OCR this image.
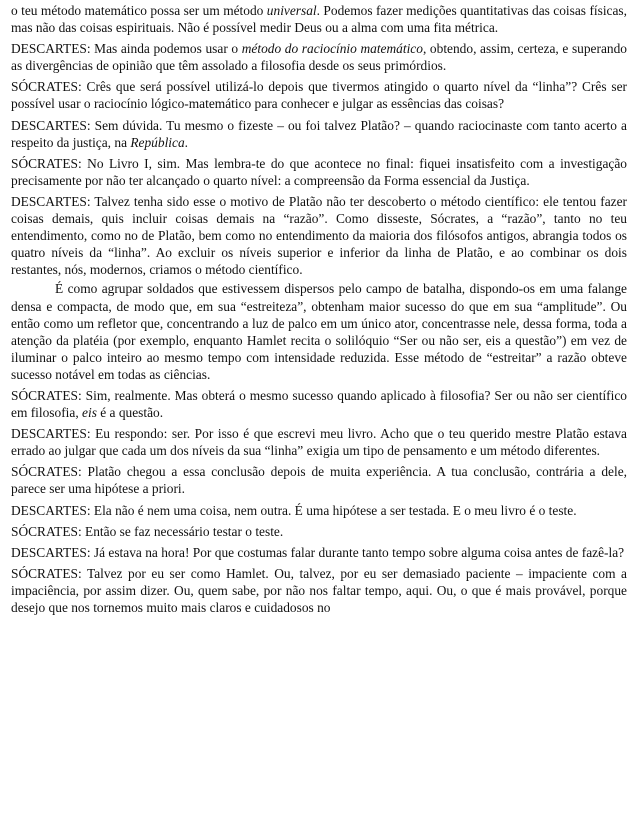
o teu método matemático possa ser um método universal. Podemos fazer medições quantitativas das coisas físicas, mas não das coisas espirituais. Não é possível medir Deus ou a alma com uma fita métrica.

DESCARTES: Mas ainda podemos usar o método do raciocínio matemático, obtendo, assim, certeza, e superando as divergências de opinião que têm assolado a filosofia desde os seus primórdios.

SÓCRATES: Crês que será possível utilizá-lo depois que tivermos atingido o quarto nível da “linha”? Crês ser possível usar o raciocínio lógico-matemático para conhecer e julgar as essências das coisas?

DESCARTES: Sem dúvida. Tu mesmo o fizeste – ou foi talvez Platão? – quando raciocinaste com tanto acerto a respeito da justiça, na República.

SÓCRATES: No Livro I, sim. Mas lembra-te do que acontece no final: fiquei insatisfeito com a investigação precisamente por não ter alcançado o quarto nível: a compreensão da Forma essencial da Justiça.

DESCARTES: Talvez tenha sido esse o motivo de Platão não ter descoberto o método científico: ele tentou fazer coisas demais, quis incluir coisas demais na “razão”. Como disseste, Sócrates, a “razão”, tanto no teu entendimento, como no de Platão, bem como no entendimento da maioria dos filósofos antigos, abrangia todos os quatro níveis da “linha”. Ao excluir os níveis superior e inferior da linha de Platão, e ao combinar os dois restantes, nós, modernos, criamos o método científico.

É como agrupar soldados que estivessem dispersos pelo campo de batalha, dispondo-os em uma falange densa e compacta, de modo que, em sua “estreiteza”, obtenham maior sucesso do que em sua “amplitude”. Ou então como um refletor que, concentrando a luz de palco em um único ator, concentrasse nele, dessa forma, toda a atenção da platéia (por exemplo, enquanto Hamlet recita o solilóquio “Ser ou não ser, eis a questão”) em vez de iluminar o palco inteiro ao mesmo tempo com intensidade reduzida. Esse método de “estreitar” a razão obteve sucesso notável em todas as ciências.

SÓCRATES: Sim, realmente. Mas obterá o mesmo sucesso quando aplicado à filosofia? Ser ou não ser científico em filosofia, eis é a questão.

DESCARTES: Eu respondo: ser. Por isso é que escrevi meu livro. Acho que o teu querido mestre Platão estava errado ao julgar que cada um dos níveis da sua “linha” exigia um tipo de pensamento e um método diferentes.

SÓCRATES: Platão chegou a essa conclusão depois de muita experiência. A tua conclusão, contrária a dele, parece ser uma hipótese a priori.

DESCARTES: Ela não é nem uma coisa, nem outra. É uma hipótese a ser testada. E o meu livro é o teste.

SÓCRATES: Então se faz necessário testar o teste.

DESCARTES: Já estava na hora! Por que costumas falar durante tanto tempo sobre alguma coisa antes de fazê-la?

SÓCRATES: Talvez por eu ser como Hamlet. Ou, talvez, por eu ser demasiado paciente – impaciente com a impaciência, por assim dizer. Ou, quem sabe, por não nos faltar tempo, aqui. Ou, o que é mais provável, porque desejo que nos tornemos muito mais claros e cuidadosos no
